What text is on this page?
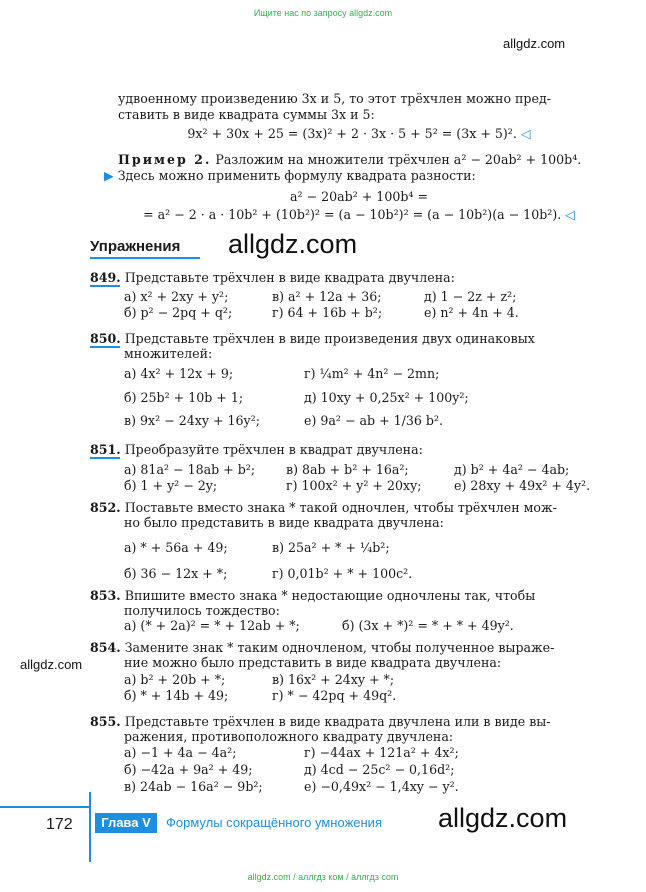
Ищите нас по запросу allgdz.com
allgdz.com
удвоенному произведению 3x и 5, то этот трёхчлен можно пред-
ставить в виде квадрата суммы 3x и 5:
9x² + 30x + 25 = (3x)² + 2 · 3x · 5 + 5² = (3x + 5)². ◁
Пример 2. Разложим на множители трёхчлен a² − 20ab² + 100b⁴.
▶ Здесь можно применить формулу квадрата разности:
a² − 20ab² + 100b⁴ =
= a² − 2 · a · 10b² + (10b²)² = (a − 10b²)² = (a − 10b²)(a − 10b²). ◁
Упражнения allgdz.com
849. Представьте трёхчлен в виде квадрата двучлена:
а) x² + 2xy + y²;	в) a² + 12a + 36;	д) 1 − 2z + z²;
б) p² − 2pq + q²;	г) 64 + 16b + b²;	е) n² + 4n + 4.
850. Представьте трёхчлен в виде произведения двух одинаковых
множителей:
а) 4x² + 12x + 9;	г) ¼m² + 4n² − 2mn;
б) 25b² + 10b + 1;	д) 10xy + 0,25x² + 100y²;
в) 9x² − 24xy + 16y²;	е) 9a² − ab + 1/36 b².
851. Преобразуйте трёхчлен в квадрат двучлена:
а) 81a² − 18ab + b²; в) 8ab + b² + 16a²;	д) b² + 4a² − 4ab;
б) 1 + y² − 2y;	г) 100x² + y² + 20xy;	е) 28xy + 49x² + 4y².
852. Поставьте вместо знака * такой одночлен, чтобы трёхчлен мож-
но было представить в виде квадрата двучлена:
а) * + 56a + 49;	в) 25a² + * + ¼b²;
б) 36 − 12x + *;	г) 0,01b² + * + 100c².
853. Впишите вместо знака * недостающие одночлены так, чтобы
получилось тождество:
а) (* + 2a)² = * + 12ab + *;	б) (3x + *)² = * + * + 49y².
854. Замените знак * таким одночленом, чтобы полученное выраже-
ние можно было представить в виде квадрата двучлена:
allgdz.com
а) b² + 20b + *;	в) 16x² + 24xy + *;
б) * + 14b + 49;	г) * − 42pq + 49q².
855. Представьте трёхчлен в виде квадрата двучлена или в виде вы-
ражения, противоположного квадрату двучлена:
а) −1 + 4a − 4a²;	г) −44ax + 121a² + 4x²;
б) −42a + 9a² + 49;	д) 4cd − 25c² − 0,16d²;
в) 24ab − 16a² − 9b²;	е) −0,49x² − 1,4xy − y².
172	Глава V	Формулы сокращённого умножения allgdz.com
allgdz.com / аллгдз ком / аллгдз com
